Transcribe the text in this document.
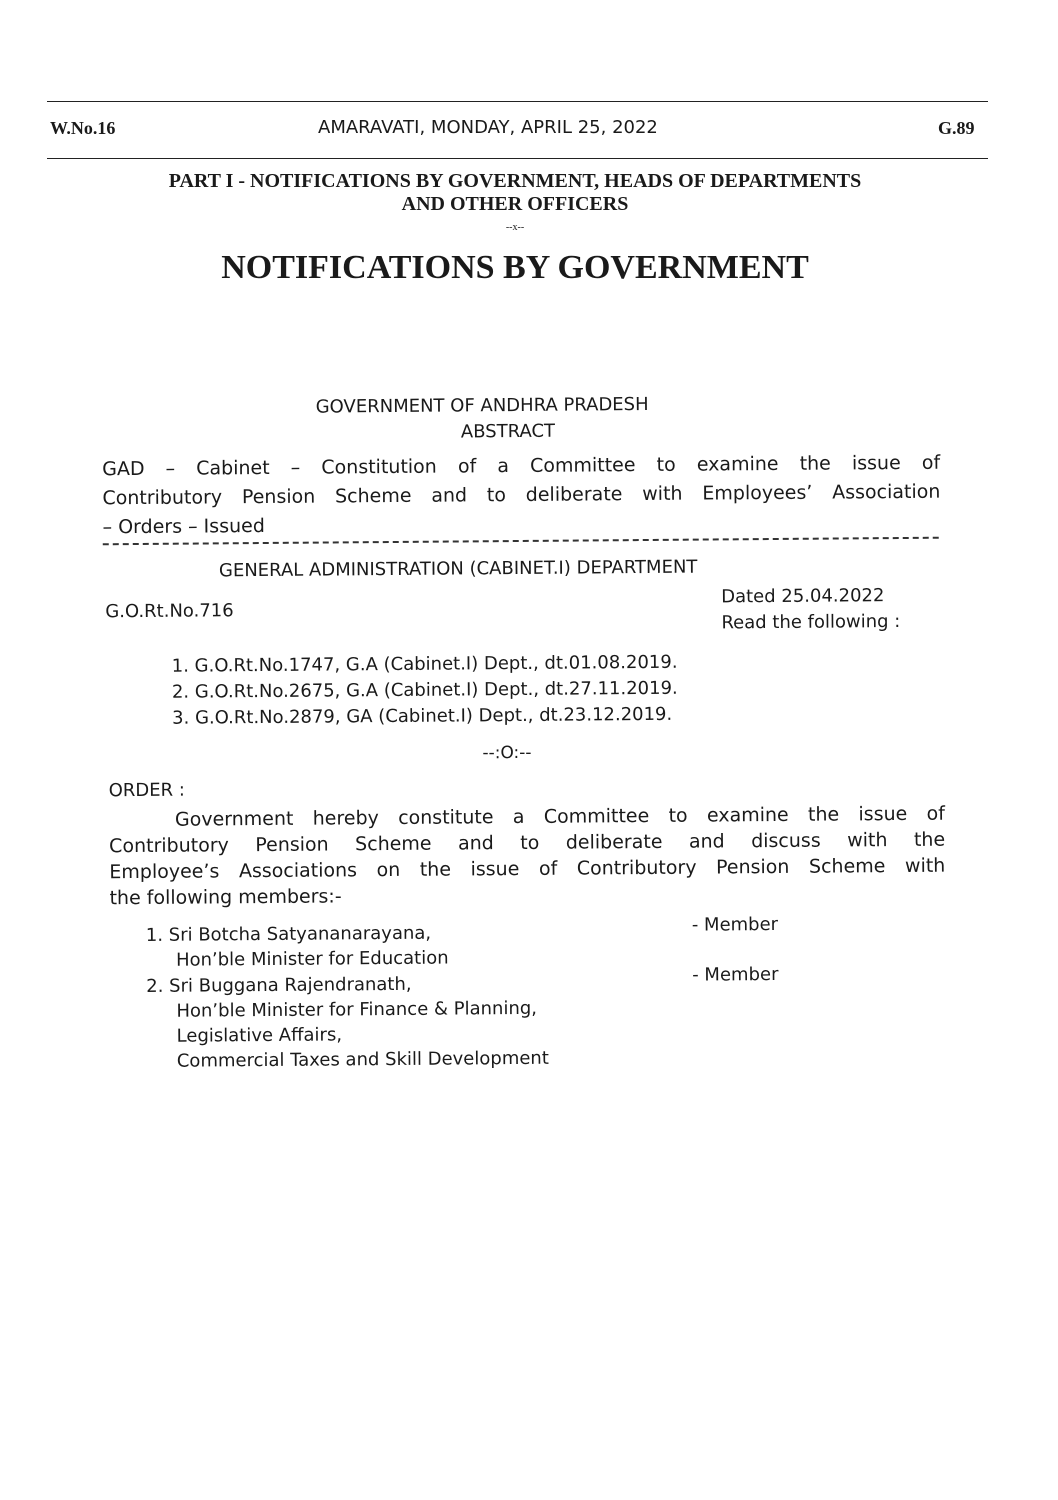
W.No.16	AMARAVATI, MONDAY, APRIL 25, 2022	G.89
PART I - NOTIFICATIONS BY GOVERNMENT, HEADS OF DEPARTMENTS
AND OTHER OFFICERS
--x--
NOTIFICATIONS BY GOVERNMENT
GOVERNMENT OF ANDHRA PRADESH
ABSTRACT
GAD – Cabinet – Constitution of a Committee to examine the issue of
Contributory Pension Scheme and to deliberate with Employees’ Association
– Orders – Issued
GENERAL ADMINISTRATION (CABINET.I) DEPARTMENT
G.O.Rt.No.716
Dated 25.04.2022
Read the following :
1. G.O.Rt.No.1747, G.A (Cabinet.I) Dept., dt.01.08.2019.
2. G.O.Rt.No.2675, G.A (Cabinet.I) Dept., dt.27.11.2019.
3. G.O.Rt.No.2879, GA (Cabinet.I) Dept., dt.23.12.2019.
--:O:--
ORDER :
Government hereby constitute a Committee to examine the issue of
Contributory Pension Scheme and to deliberate and discuss with the
Employee’s Associations on the issue of Contributory Pension Scheme with
the following members:-
1. Sri Botcha Satyananarayana,
Hon’ble Minister for Education
- Member
2. Sri Buggana Rajendranath,
Hon’ble Minister for Finance & Planning,
Legislative Affairs,
Commercial Taxes and Skill Development
- Member
